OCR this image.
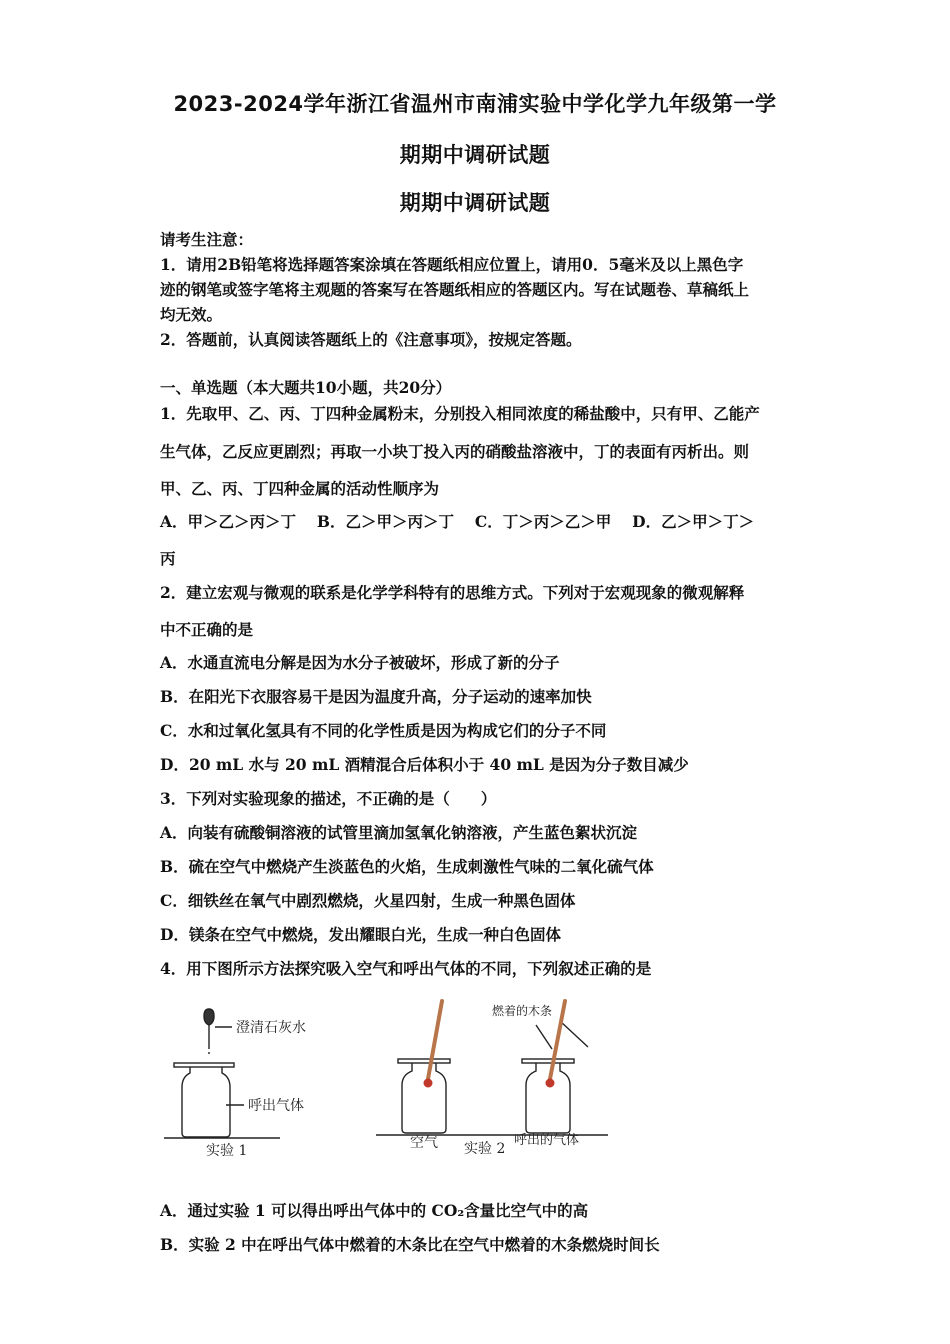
2023-2024学年浙江省温州市南浦实验中学化学九年级第一学
期期中调研试题
期期中调研试题
请考生注意：
1．请用2B铅笔将选择题答案涂填在答题纸相应位置上，请用0．5毫米及以上黑色字
迹的钢笔或签字笔将主观题的答案写在答题纸相应的答题区内。写在试题卷、草稿纸上
均无效。
2．答题前，认真阅读答题纸上的《注意事项》，按规定答题。
一、单选题（本大题共10小题，共20分）
1．先取甲、乙、丙、丁四种金属粉末，分别投入相同浓度的稀盐酸中，只有甲、乙能产
生气体，乙反应更剧烈；再取一小块丁投入丙的硝酸盐溶液中，丁的表面有丙析出。则
甲、乙、丙、丁四种金属的活动性顺序为
A．甲＞乙＞丙＞丁　 B．乙＞甲＞丙＞丁　 C．丁＞丙＞乙＞甲　 D．乙＞甲＞丁＞
丙
2．建立宏观与微观的联系是化学学科特有的思维方式。下列对于宏观现象的微观解释
中不正确的是
A．水通直流电分解是因为水分子被破坏，形成了新的分子
B．在阳光下衣服容易干是因为温度升高，分子运动的速率加快
C．水和过氧化氢具有不同的化学性质是因为构成它们的分子不同
D．20 mL 水与 20 mL 酒精混合后体积小于 40 mL 是因为分子数目减少
3．下列对实验现象的描述，不正确的是（　　）
A．向装有硫酸铜溶液的试管里滴加氢氧化钠溶液，产生蓝色絮状沉淀
B．硫在空气中燃烧产生淡蓝色的火焰，生成刺激性气味的二氧化硫气体
C．细铁丝在氧气中剧烈燃烧，火星四射，生成一种黑色固体
D．镁条在空气中燃烧，发出耀眼白光，生成一种白色固体
4．用下图所示方法探究吸入空气和呼出气体的不同，下列叙述正确的是
澄清石灰水
呼出气体
实验 1
燃着的木条
空气 实验 2
呼出的气体
A．通过实验 1 可以得出呼出气体中的 CO₂含量比空气中的高
B．实验 2 中在呼出气体中燃着的木条比在空气中燃着的木条燃烧时间长
